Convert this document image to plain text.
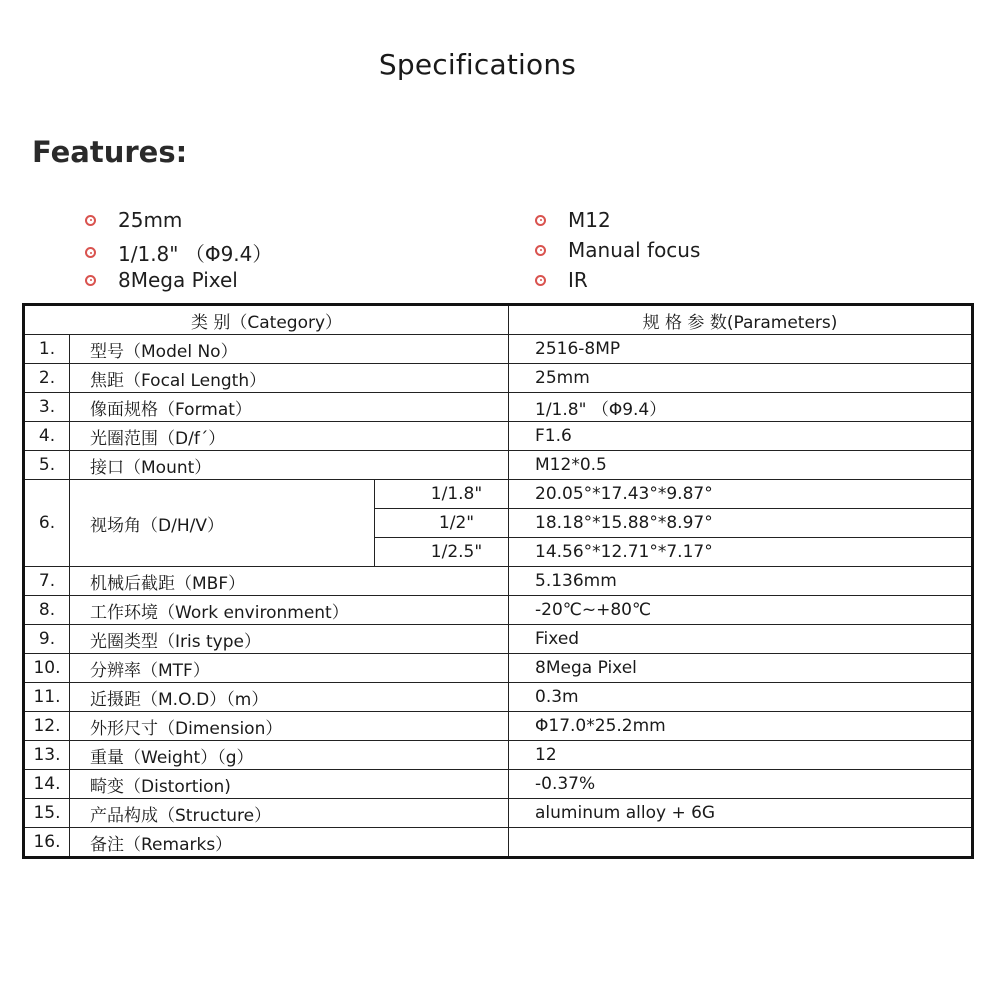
Specifications
Features:
25mm
1/1.8" （Φ9.4）
8Mega Pixel
M12
Manual focus
IR
类 别（Category）			规 格 参 数(Parameters)
1.	型号（Model No）		2516-8MP
2.	焦距（Focal Length）		25mm
3.	像面规格（Format）		1/1.8" （Φ9.4）
4.	光圈范围（D/f´）		F1.6
5.	接口（Mount）		M12*0.5
6.	视场角（D/H/V）	1/1.8"	20.05°*17.43°*9.87°
		1/2"	18.18°*15.88°*8.97°
		1/2.5"	14.56°*12.71°*7.17°
7.	机械后截距（MBF）		5.136mm
8.	工作环境（Work environment）		-20℃~+80℃
9.	光圈类型（Iris type）		Fixed
10.	分辨率（MTF）		8Mega Pixel
11.	近摄距（M.O.D）（m）		0.3m
12.	外形尺寸（Dimension）		Φ17.0*25.2mm
13.	重量（Weight）（g）		12
14.	畸变（Distortion)		-0.37%
15.	产品构成（Structure）		aluminum alloy + 6G
16.	备注（Remarks）		
